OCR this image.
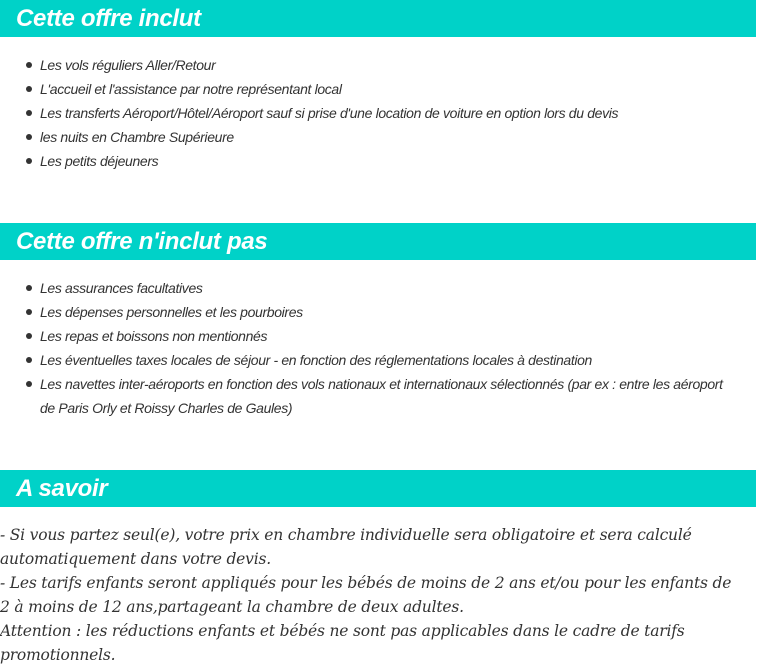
Cette offre inclut
Les vols réguliers Aller/Retour
L'accueil et l'assistance par notre représentant local
Les transferts Aéroport/Hôtel/Aéroport sauf si prise d'une location de voiture en option lors du devis
les nuits en Chambre Supérieure
Les petits déjeuners
Cette offre n'inclut pas
Les assurances facultatives
Les dépenses personnelles et les pourboires
Les repas et boissons non mentionnés
Les éventuelles taxes locales de séjour - en fonction des réglementations locales à destination
Les navettes inter-aéroports en fonction des vols nationaux et internationaux sélectionnés (par ex : entre les aéroport de Paris Orly et Roissy Charles de Gaules)
A savoir

- Si vous partez seul(e), votre prix en chambre individuelle sera obligatoire et sera calculé automatiquement dans votre devis.

- Les tarifs enfants seront appliqués pour les bébés de moins de 2 ans et/ou pour les enfants de 2 à moins de 12 ans,partageant la chambre de deux adultes.

Attention : les réductions enfants et bébés ne sont pas applicables dans le cadre de tarifs promotionnels.
